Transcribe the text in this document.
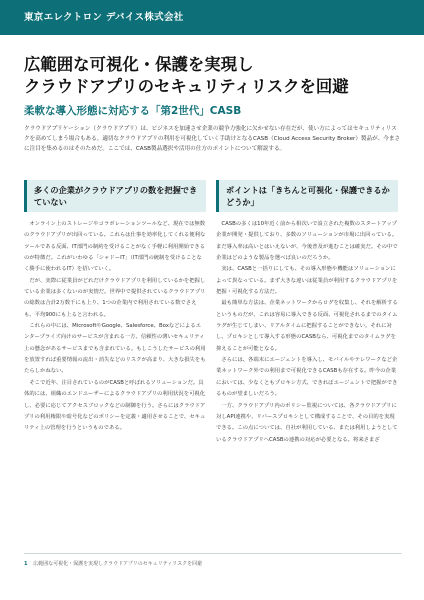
東京エレクトロン デバイス株式会社
広範囲な可視化・保護を実現し
クラウドアプリのセキュリティリスクを回避
柔軟な導入形態に対応する「第2世代」CASB

クラウドアプリケーション（クラウドアプリ）は、ビジネスを加速させ企業の競争力強化に欠かせない存在だが、使い方によってはセキュリティリスクを高めてしまう場合もある。適切なクラウドアプリの利用を可視化していく手助けとなるCASB（Cloud Access Security Broker）製品が、今まさに注目を集めるのはそのためだ。ここでは、CASB製品選択や活用の仕方のポイントについて解説する。

多くの企業がクラウドアプリの数を把握できていない

オンライン上のストレージやコラボレーションツールなど、現在では無数のクラウドアプリが出回っている。これらは仕事を効率化してくれる便利なツールである反面、IT部門の制約を受けることがなく手軽に利用開始できるのが特徴だ。これがいわゆる「シャドーIT」（IT部門の統制を受けることなく勝手に使われるIT）を招いていく。

だが、実際に従業員がどれだけクラウドアプリを利用しているかを把握している企業は多くないのが実情だ。世界中で提供されているクラウドアプリの総数は合計2万数千にも上り、1つの企業内で利用されている数でさえも、平均900にも上ると言われる。

これらの中には、MicrosoftやGoogle、Salesforce、Boxなどによるエンタープライズ向けのサービスが含まれる一方、信頼性の薄いセキュリティ上の懸念があるサービスまでも含まれている。もしこうしたサービスの利用を放置すれば重要情報の流出・消失などのリスクが高まり、大きな損失をもたらしかねない。

そこで近年、注目されているのがCASBと呼ばれるソリューションだ。具体的には、組織のエンドユーザーによるクラウドアプリの利用状況を可視化し、必要に応じてアクセスブロックなどの制御を行う。さらにはクラウドアプリの利用権限や暗号化などのポリシーを定義・適用させることで、セキュリティ上の管理を行うというものである。

ポイントは「きちんと可視化・保護できるかどうか」

CASBの多くは10年近く前から相次いで設立された複数のスタートアップ企業が開発・提供しており、多数のソリューションが市場に出回っている。まだ導入率は高いとはいえないが、今後普及が進むことは確実だ。その中で企業はどのような製品を選べば良いのだろうか。

実は、CASBと一括りにしても、その導入形態や機能はソリューションによって異なっている。まず大きな違いは従業員が利用するクラウドアプリを把握・可視化する方法だ。

最も簡単な方法は、企業ネットワークからログを収集し、それを解析するというものだが、これは容易に導入できる反面、可視化されるまでのタイムラグが生じてしまい、リアルタイムに把握することができない。それに対し、プロキシとして導入する形態のCASBなら、可視化までのタイムラグを抑えることが可能となる。

さらには、各端末にエージェントを導入し、モバイルやテレワークなど企業ネットワーク外での利用まで可視化できるCASBも存在する。昨今の企業においては、少なくともプロキシ方式、できればエージェントで把握ができるものが望ましいだろう。

一方、クラウドアプリ内のポリシー監視については、各クラウドアプリに対しAPI連携や、リバースプロキシとして構成することで、その目的を実現できる。この点については、自社が利用している、または利用しようとしているクラウドアプリへCASBの連携の対応が必要となる。将来さまざ

1 広範囲な可視化・保護を実現しクラウドアプリのセキュリティリスクを回避
